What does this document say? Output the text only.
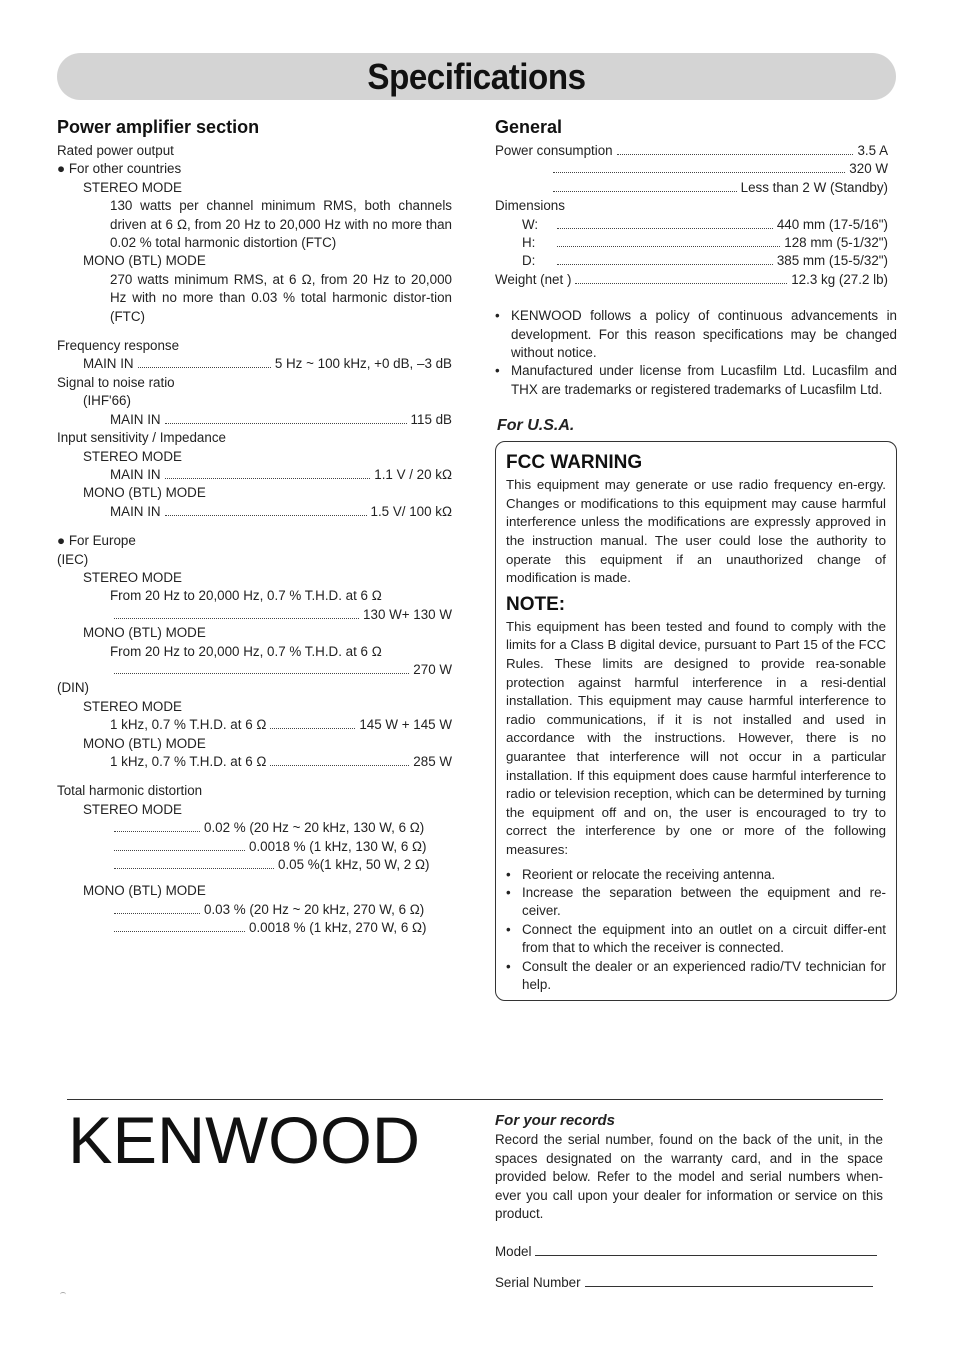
Specifications
Power amplifier section
Rated power output
● For other countries
STEREO MODE
130 watts per channel minimum RMS, both channels driven at 6 Ω, from 20 Hz to 20,000 Hz with no more than 0.02 % total harmonic distortion (FTC)
MONO (BTL) MODE
270 watts minimum RMS, at 6 Ω, from 20 Hz to 20,000 Hz with no more than 0.03 % total harmonic distor-tion (FTC)
Frequency response
MAIN IN	5 Hz ~ 100 kHz, +0 dB, –3 dB
Signal to noise ratio
(IHF'66)
MAIN IN	115 dB
Input sensitivity / Impedance
STEREO MODE
MAIN IN	1.1 V / 20 kΩ
MONO (BTL) MODE
MAIN IN	1.5 V/ 100 kΩ
● For Europe
(IEC)
STEREO MODE
From 20 Hz to 20,000 Hz, 0.7 % T.H.D. at 6 Ω
130 W+ 130 W
MONO (BTL) MODE
From 20 Hz to 20,000 Hz, 0.7 % T.H.D. at 6 Ω
270 W
(DIN)
STEREO MODE
1 kHz, 0.7 % T.H.D. at 6 Ω	145 W + 145 W
MONO (BTL) MODE
1 kHz, 0.7 % T.H.D. at 6 Ω	285 W
Total harmonic distortion
STEREO MODE
0.02 % (20 Hz ~ 20 kHz, 130 W, 6 Ω)
0.0018 % (1 kHz, 130 W, 6 Ω)
0.05 %(1 kHz, 50 W, 2 Ω)
MONO (BTL) MODE
0.03 % (20 Hz ~ 20 kHz, 270 W, 6 Ω)
0.0018 % (1 kHz, 270 W, 6 Ω)
General
Power consumption	3.5 A
320 W
Less than 2 W (Standby)
Dimensions
W:	440 mm (17-5/16")
H:	128 mm (5-1/32")
D:	385 mm (15-5/32")
Weight (net )	12.3 kg (27.2 lb)
• KENWOOD follows a policy of continuous advancements in development. For this reason specifications may be changed without notice.
• Manufactured under license from Lucasfilm Ltd. Lucasfilm and THX are trademarks or registered trademarks of Lucasfilm Ltd.
For U.S.A.
FCC WARNING

This equipment may generate or use radio frequency en-ergy. Changes or modifications to this equipment may cause harmful interference unless the modifications are expressly approved in the instruction manual. The user could lose the authority to operate this equipment if an unauthorized change of modification is made.

NOTE:

This equipment has been tested and found to comply with the limits for a Class B digital device, pursuant to Part 15 of the FCC Rules. These limits are designed to provide rea-sonable protection against harmful interference in a resi-dential installation. This equipment may cause harmful interference to radio communications, if it is not installed and used in accordance with the instructions. However, there is no guarantee that interference will not occur in a particular installation. If this equipment does cause harmful interference to radio or television reception, which can be determined by turning the equipment off and on, the user is encouraged to try to correct the interference by one or more of the following measures:

• Reorient or relocate the receiving antenna.
• Increase the separation between the equipment and re-ceiver.
• Connect the equipment into an outlet on a circuit differ-ent from that to which the receiver is connected.
• Consult the dealer or an experienced radio/TV technician for help.
KENWOOD	For your records

Record the serial number, found on the back of the unit, in the spaces designated on the warranty card, and in the space provided below. Refer to the model and serial numbers when-ever you call upon your dealer for information or service on this product.

Model
Serial Number
